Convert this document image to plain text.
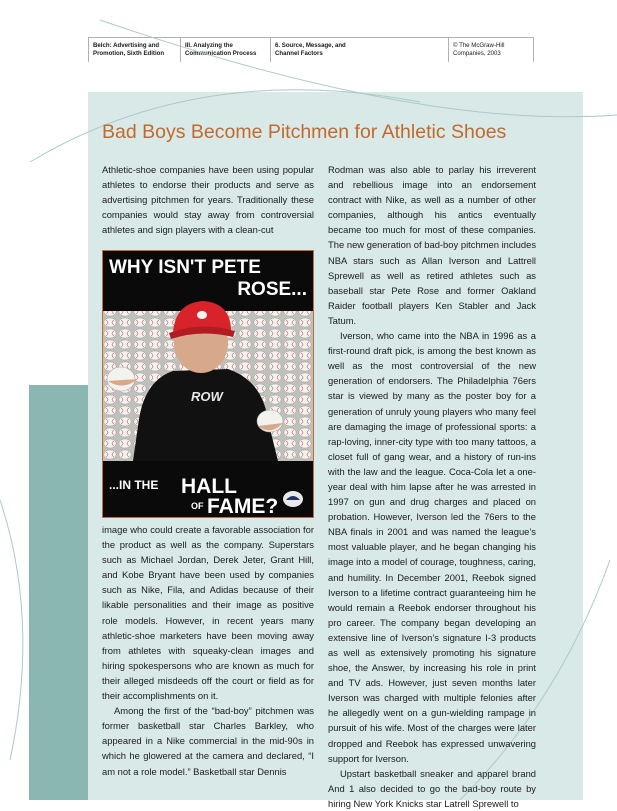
Belch: Advertising and
Promotion, Sixth Edition
III. Analyzing the
Communication Process
6. Source, Message, and
Channel Factors
© The McGraw-Hill
Companies, 2003
Bad Boys Become Pitchmen for Athletic Shoes

Athletic-shoe companies have been using popular athletes to endorse their products and serve as advertising pitchmen for years. Traditionally these companies would stay away from controversial athletes and sign players with a clean-cut

ROW
WHY ISN'T PETE
ROSE...
...IN THE HALL
OF FAME?

image who could create a favorable association for the product as well as the company. Superstars such as Michael Jordan, Derek Jeter, Grant Hill, and Kobe Bryant have been used by companies such as Nike, Fila, and Adidas because of their likable personalities and their image as positive role models. However, in recent years many athletic-shoe marketers have been moving away from athletes with squeaky-clean images and hiring spokespersons who are known as much for their alleged misdeeds off the court or field as for their accomplishments on it.

Among the first of the “bad-boy” pitchmen was former basketball star Charles Barkley, who appeared in a Nike commercial in the mid-90s in which he glowered at the camera and declared, “I am not a role model.” Basketball star Dennis

Rodman was also able to parlay his irreverent and rebellious image into an endorsement contract with Nike, as well as a number of other companies, although his antics eventually became too much for most of these companies. The new generation of bad-boy pitchmen includes NBA stars such as Allan Iverson and Lattrell Sprewell as well as retired athletes such as baseball star Pete Rose and former Oakland Raider football players Ken Stabler and Jack Tatum.

Iverson, who came into the NBA in 1996 as a first-round draft pick, is among the best known as well as the most controversial of the new generation of endorsers. The Philadelphia 76ers star is viewed by many as the poster boy for a generation of unruly young players who many feel are damaging the image of professional sports: a rap-loving, inner-city type with too many tattoos, a closet full of gang wear, and a history of run-ins with the law and the league. Coca-Cola let a one-year deal with him lapse after he was arrested in 1997 on gun and drug charges and placed on probation. However, Iverson led the 76ers to the NBA finals in 2001 and was named the league’s most valuable player, and he began changing his image into a model of courage, toughness, caring, and humility. In December 2001, Reebok signed Iverson to a lifetime contract guaranteeing him he would remain a Reebok endorser throughout his pro career. The company began developing an extensive line of Iverson’s signature I-3 products as well as extensively promoting his signature shoe, the Answer, by increasing his role in print and TV ads. However, just seven months later Iverson was charged with multiple felonies after he allegedly went on a gun-wielding rampage in pursuit of his wife. Most of the charges were later dropped and Reebok has expressed unwavering support for Iverson.

Upstart basketball sneaker and apparel brand And 1 also decided to go the bad-boy route by hiring New York Knicks star Latrell Sprewell to
